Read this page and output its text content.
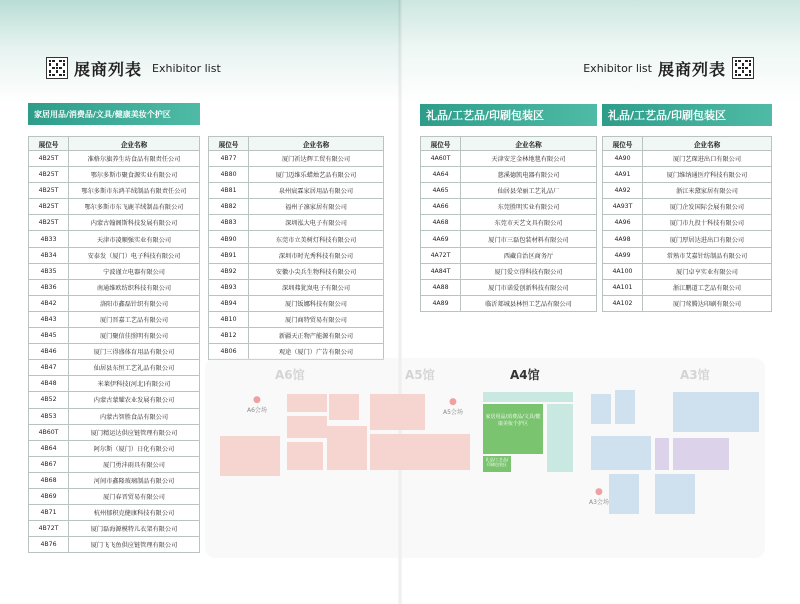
展商列表 Exhibitor list	Exhibitor list 展商列表
家居用品/消费品/文具/健康美妆个护区	礼品/工艺品/印刷包装区	礼品/工艺品/印刷包装区
展位号	企业名称
4B25T	准格尔旗养生坊食品有限责任公司
4B25T	鄂尔多斯市聚食源实业有限公司
4B25T	鄂尔多斯市东鸿羊绒制品有限责任公司
4B25T	鄂尔多斯市东飞鹿羊绒制品有限公司
4B25T	内蒙古翰阁斯科技发展有限公司
4B33	天津市凌顺强实业有限公司
4B34	安泰发（厦门）电子科技有限公司
4B35	宁波谨立电器有限公司
4B36	南通维欧纺织科技有限公司
4B42	洛阳市鑫磊针织有限公司
4B43	厦门晋嘉工艺品有限公司
4B45	厦门聚信佳照明有限公司
4B46	厦门三得盛体育用品有限公司
4B47	仙居县东恒工艺礼品有限公司
4B48	米莱伊科技(河北)有限公司
4B52	内蒙古蒙耀农业发展有限公司
4B53	内蒙古智胜食品有限公司
4B60T	厦门精运达供应链管理有限公司
4B64	阿尔斯（厦门）日化有限公司
4B67	厦门勇沣雨具有限公司
4B68	河间市鑫隆玻璃制品有限公司
4B69	厦门春晋贸易有限公司
4B71	杭州郁积克健康科技有限公司
4B72T	厦门磊海源模特儿衣架有限公司
4B76	厦门飞飞鱼供应链管理有限公司
展位号	企业名称
4B77	厦门祈达辉工贸有限公司
4B80	厦门迈维乐蜡烛艺品有限公司
4B81	泉州宸霖家居用品有限公司
4B82	福州子凛家居有限公司
4B83	深圳泓大电子有限公司
4B90	东莞市立美树灯科技有限公司
4B91	深圳市时光秀科技有限公司
4B92	安徽小尖兵生物科技有限公司
4B93	深圳弗犹岚电子有限公司
4B94	厦门钣娜科技有限公司
4B10	厦门商特贸易有限公司
4B12	新疆天正物产能源有限公司
4B06	观途（厦门）广告有限公司
展位号	企业名称
4A60T	天津安芝金林地毯有限公司
4A64	慈溪德凯电器有限公司
4A65	仙居县荣丽工艺礼品厂
4A66	东莞胜明实业有限公司
4A68	东莞市天艺文具有限公司
4A69	厦门市三磊包装材料有限公司
4A72T	西藏自治区商务厅
4A84T	厦门爱立得科技有限公司
4A88	厦门市诺爱创新科技有限公司
4A89	临沂郯城县林恒工艺品有限公司
展位号	企业名称
4A90	厦门艺琛进出口有限公司
4A91	厦门维纳通医疗科技有限公司
4A92	浙江米黛家居有限公司
4A93T	厦门企发国际会展有限公司
4A96	厦门市九投十科技有限公司
4A98	厦门厚居达进出口有限公司
4A99	常熟市艾嘉针纺制品有限公司
4A100	厦门卓亨实业有限公司
4A101	浙江鹏道工艺品有限公司
4A102	厦门莺腾达印刷有限公司
A6馆	A5馆	A4馆	A3馆
●
A6会场
●
A5会场
家居用品/消费品/文具/健康美妆个护区
礼品/工艺品/印刷包装区
●
A3会场
